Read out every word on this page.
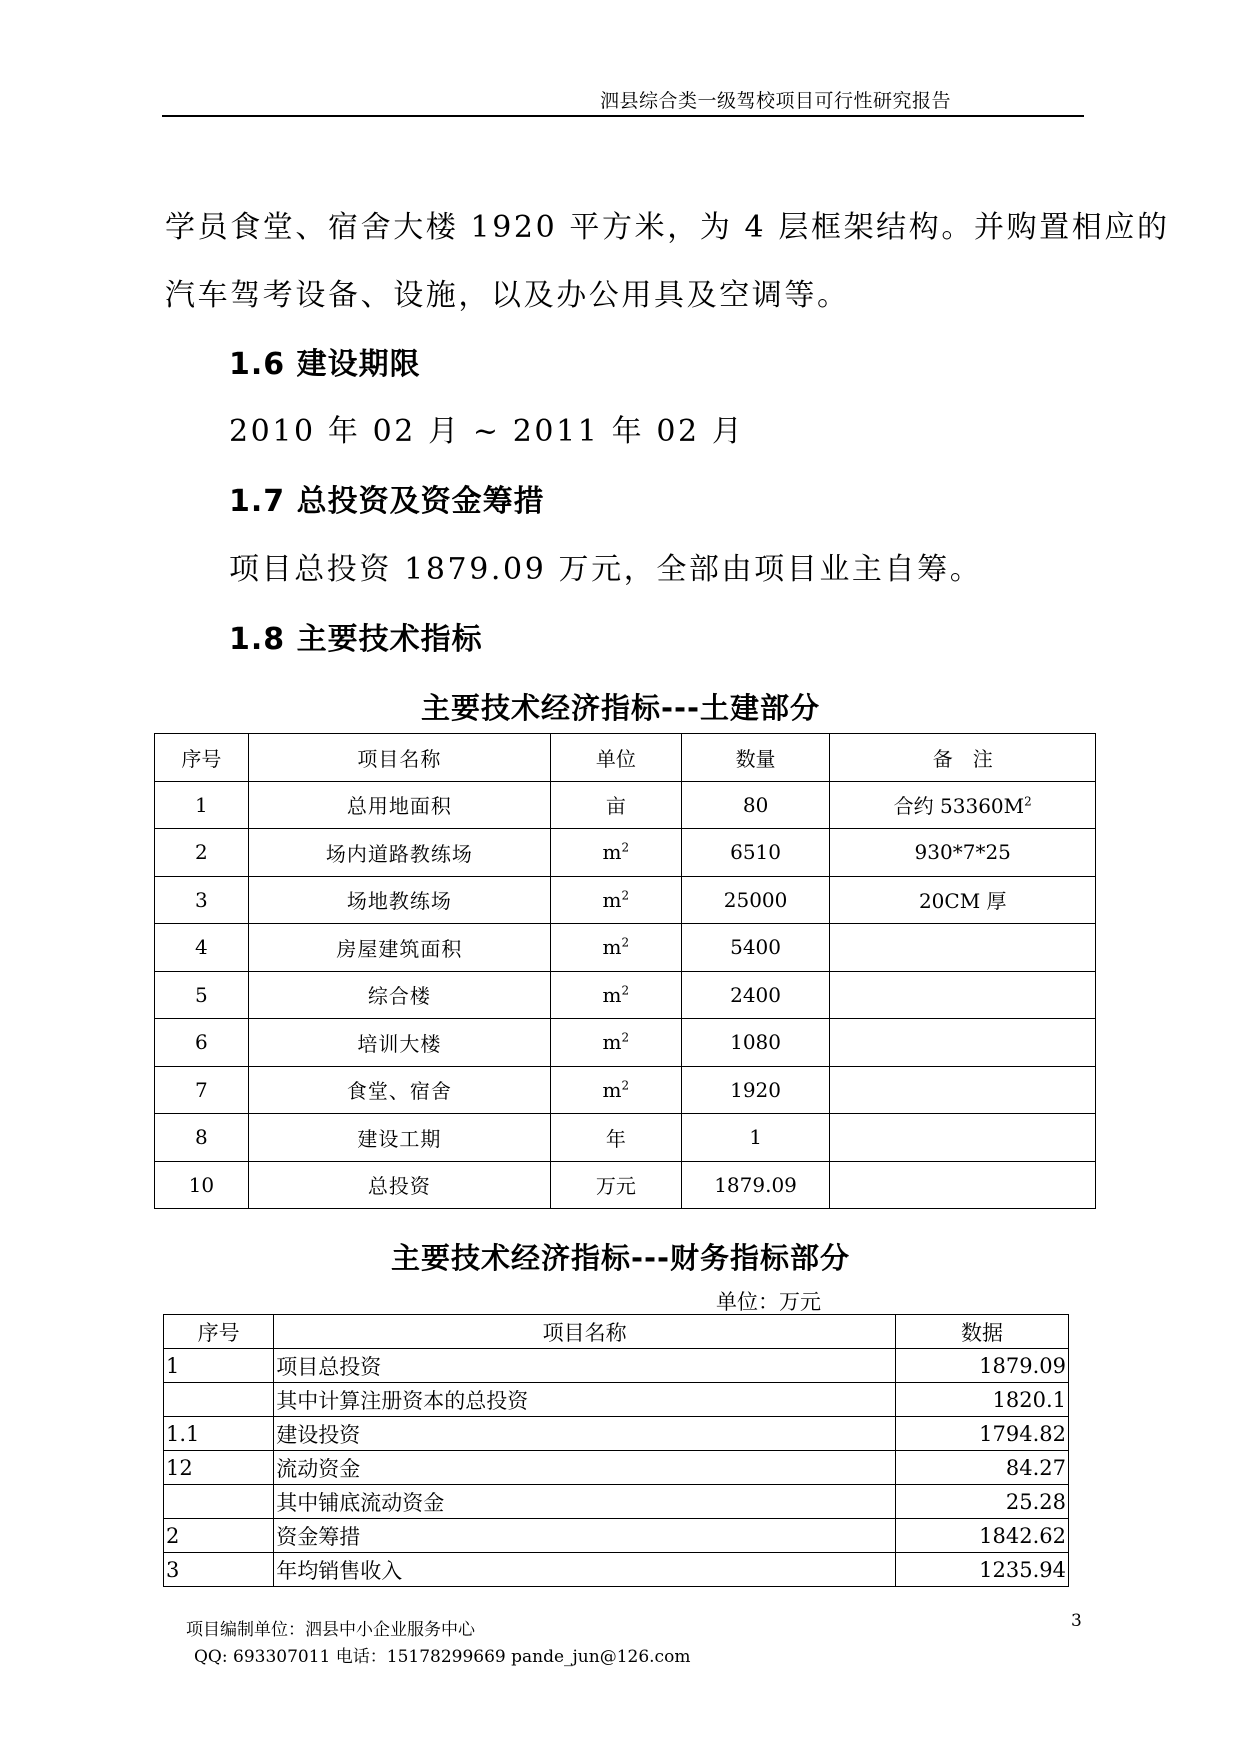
泗县综合类一级驾校项目可行性研究报告
学员食堂、宿舍大楼 1920 平方米，为 4 层框架结构。并购置相应的
汽车驾考设备、设施，以及办公用具及空调等。
1.6 建设期限
2010 年 02 月 ~ 2011 年 02 月
1.7 总投资及资金筹措
项目总投资 1879.09 万元，全部由项目业主自筹。
1.8 主要技术指标
主要技术经济指标---土建部分
序号	项目名称	单位	数量	备　注
1	总用地面积	亩	80	合约 $53360M^2$
2	场内道路教练场	$m^2$	6510	930*7*25
3	场地教练场	$m^2$	25000	20CM 厚
4	房屋建筑面积	$m^2$	5400	
5	综合楼	$m^2$	2400	
6	培训大楼	$m^2$	1080	
7	食堂、宿舍	$m^2$	1920	
8	建设工期	年	1	
10	总投资	万元	1879.09	
主要技术经济指标---财务指标部分
单位：万元
序号	项目名称	数据
1	项目总投资	1879.09
	其中计算注册资本的总投资	1820.1
1.1	建设投资	1794.82
12	流动资金	84.27
	其中铺底流动资金	25.28
2	资金筹措	1842.62
3	年均销售收入	1235.94
项目编制单位：泗县中小企业服务中心	3
QQ: 693307011 电话：15178299669 pande_jun@126.com
